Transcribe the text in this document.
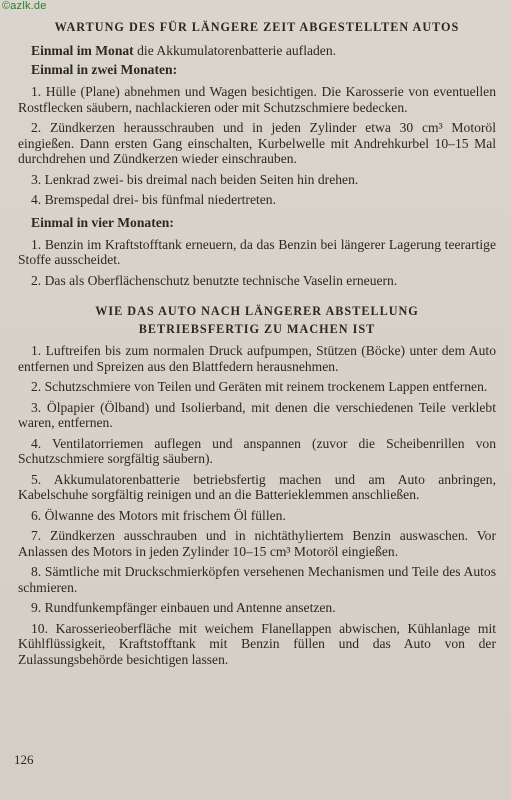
©azlk.de

WARTUNG DES FÜR LÄNGERE ZEIT ABGESTELLTEN AUTOS

Einmal im Monat die Akkumulatorenbatterie aufladen.

Einmal in zwei Monaten:

1. Hülle (Plane) abnehmen und Wagen besichtigen. Die Karosserie von eventuellen Rostflecken säubern, nachlackieren oder mit Schutzschmiere bedecken.

2. Zündkerzen herausschrauben und in jeden Zylinder etwa 30 cm³ Motoröl eingießen. Dann ersten Gang einschalten, Kurbelwelle mit Andrehkurbel 10–15 Mal durchdrehen und Zündkerzen wieder einschrauben.

3. Lenkrad zwei- bis dreimal nach beiden Seiten hin drehen.

4. Bremspedal drei- bis fünfmal niedertreten.

Einmal in vier Monaten:

1. Benzin im Kraftstofftank erneuern, da das Benzin bei längerer Lagerung teerartige Stoffe ausscheidet.

2. Das als Oberflächenschutz benutzte technische Vaselin erneuern.

WIE DAS AUTO NACH LÄNGERER ABSTELLUNG

BETRIEBSFERTIG ZU MACHEN IST

1. Luftreifen bis zum normalen Druck aufpumpen, Stützen (Böcke) unter dem Auto entfernen und Spreizen aus den Blattfedern herausnehmen.

2. Schutzschmiere von Teilen und Geräten mit reinem trockenem Lappen entfernen.

3. Ölpapier (Ölband) und Isolierband, mit denen die verschiedenen Teile verklebt waren, entfernen.

4. Ventilatorriemen auflegen und anspannen (zuvor die Scheibenrillen von Schutzschmiere sorgfältig säubern).

5. Akkumulatorenbatterie betriebsfertig machen und am Auto anbringen, Kabelschuhe sorgfältig reinigen und an die Batterieklemmen anschließen.

6. Ölwanne des Motors mit frischem Öl füllen.

7. Zündkerzen ausschrauben und in nichtäthyliertem Benzin auswaschen. Vor Anlassen des Motors in jeden Zylinder 10–15 cm³ Motoröl eingießen.

8. Sämtliche mit Druckschmierköpfen versehenen Mechanismen und Teile des Autos schmieren.

9. Rundfunkempfänger einbauen und Antenne ansetzen.

10. Karosserieoberfläche mit weichem Flanellappen abwischen, Kühlanlage mit Kühlflüssigkeit, Kraftstofftank mit Benzin füllen und das Auto von der Zulassungsbehörde besichtigen lassen.

126
